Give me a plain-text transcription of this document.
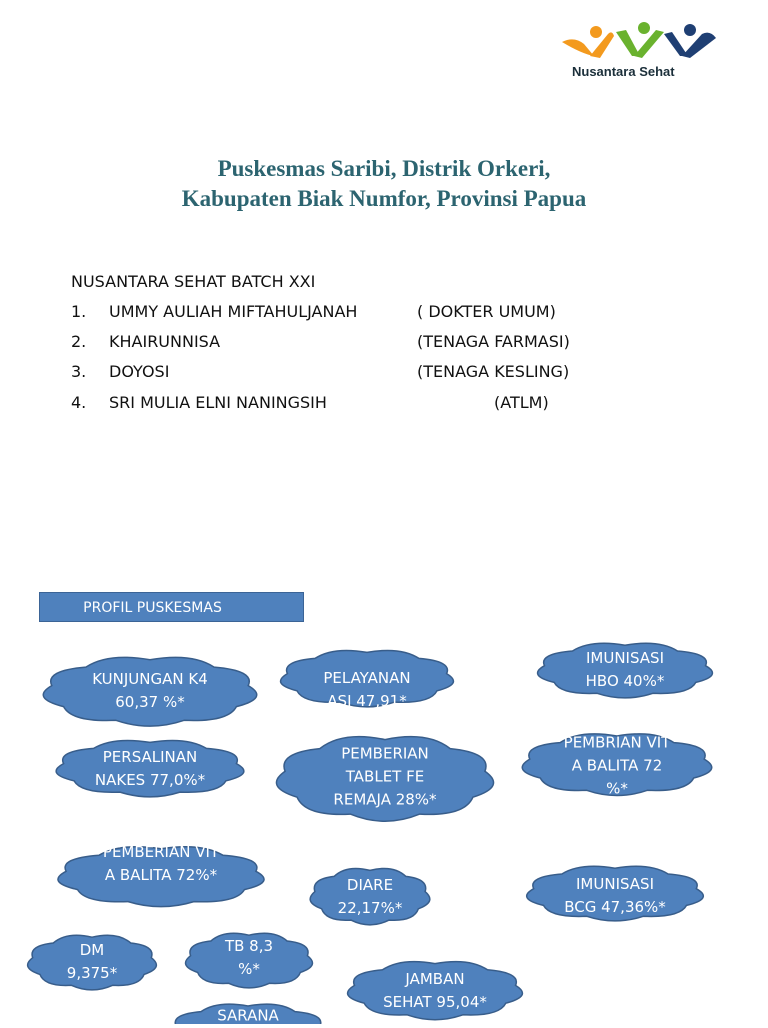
Nusantara Sehat
Puskesmas Saribi, Distrik Orkeri,
Kabupaten Biak Numfor, Provinsi Papua
NUSANTARA SEHAT BATCH XXI
1. UMMY AULIAH MIFTAHULJANAH	( DOKTER UMUM)
2. KHAIRUNNISA	(TENAGA FARMASI)
3. DOYOSI	(TENAGA KESLING)
4. SRI MULIA ELNI NANINGSIH	(ATLM)
PROFIL PUSKESMAS
KUNJUNGAN K4
60,37 %*
PELAYANAN
ASI 47,91*
IMUNISASI
HBO 40%*
PERSALINAN
NAKES 77,0%*
PEMBERIAN
TABLET FE
REMAJA 28%*
PEMBRIAN VIT
A BALITA 72
%*
PEMBERIAN VIT
A BALITA 72%*
DIARE
22,17%*
IMUNISASI
BCG 47,36%*
DM
9,375*
TB 8,3
%*
JAMBAN
SEHAT 95,04*
SARANA
